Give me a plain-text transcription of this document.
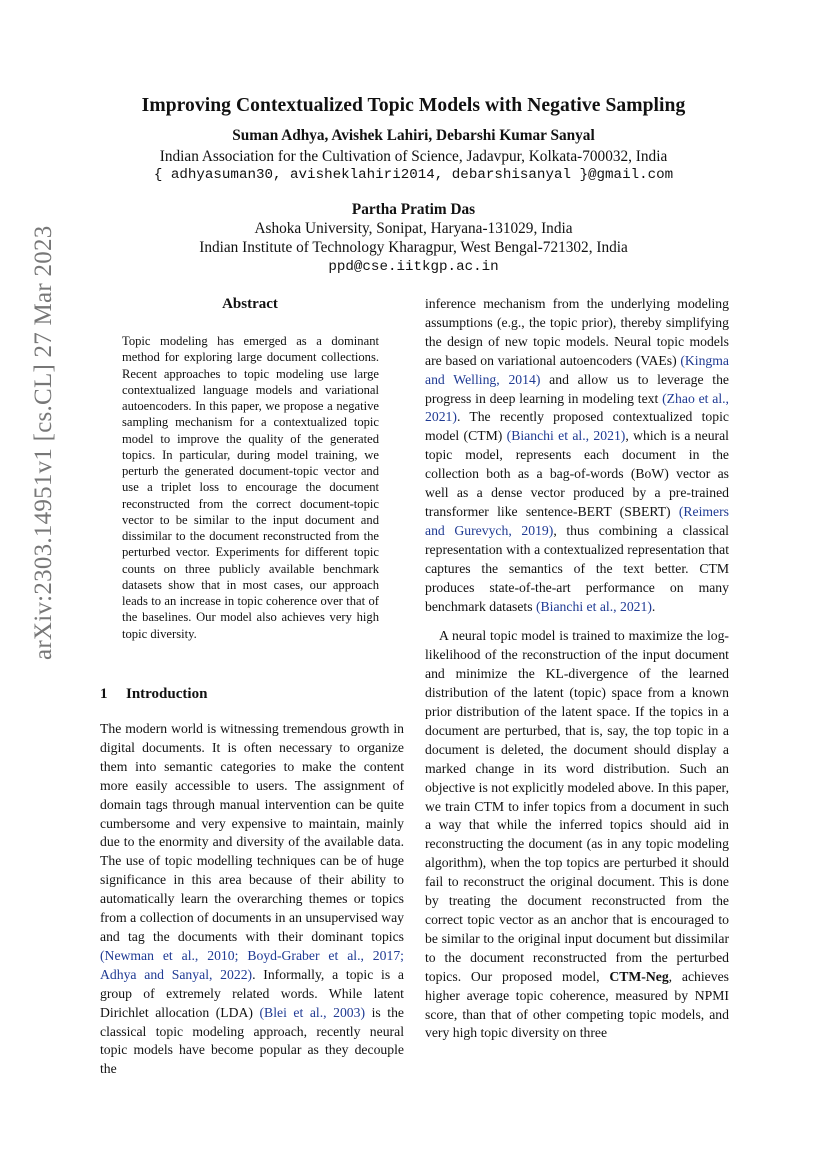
arXiv:2303.14951v1 [cs.CL] 27 Mar 2023
Improving Contextualized Topic Models with Negative Sampling
Suman Adhya, Avishek Lahiri, Debarshi Kumar Sanyal
Indian Association for the Cultivation of Science, Jadavpur, Kolkata-700032, India
{ adhyasuman30, avisheklahiri2014, debarshisanyal }@gmail.com
Partha Pratim Das
Ashoka University, Sonipat, Haryana-131029, India
Indian Institute of Technology Kharagpur, West Bengal-721302, India
ppd@cse.iitkgp.ac.in
Abstract
Topic modeling has emerged as a dominant method for exploring large document collections. Recent approaches to topic modeling use large contextualized language models and variational autoencoders. In this paper, we propose a negative sampling mechanism for a contextualized topic model to improve the quality of the generated topics. In particular, during model training, we perturb the generated document-topic vector and use a triplet loss to encourage the document reconstructed from the correct document-topic vector to be similar to the input document and dissimilar to the document reconstructed from the perturbed vector. Experiments for different topic counts on three publicly available benchmark datasets show that in most cases, our approach leads to an increase in topic coherence over that of the baselines. Our model also achieves very high topic diversity.
1 Introduction

The modern world is witnessing tremendous growth in digital documents. It is often necessary to organize them into semantic categories to make the content more easily accessible to users. The assignment of domain tags through manual intervention can be quite cumbersome and very expensive to maintain, mainly due to the enormity and diversity of the available data. The use of topic modelling techniques can be of huge significance in this area because of their ability to automatically learn the overarching themes or topics from a collection of documents in an unsupervised way and tag the documents with their dominant topics (Newman et al., 2010; Boyd-Graber et al., 2017; Adhya and Sanyal, 2022). Informally, a topic is a group of extremely related words. While latent Dirichlet allocation (LDA) (Blei et al., 2003) is the classical topic modeling approach, recently neural topic models have become popular as they decouple the

inference mechanism from the underlying modeling assumptions (e.g., the topic prior), thereby simplifying the design of new topic models. Neural topic models are based on variational autoencoders (VAEs) (Kingma and Welling, 2014) and allow us to leverage the progress in deep learning in modeling text (Zhao et al., 2021). The recently proposed contextualized topic model (CTM) (Bianchi et al., 2021), which is a neural topic model, represents each document in the collection both as a bag-of-words (BoW) vector as well as a dense vector produced by a pre-trained transformer like sentence-BERT (SBERT) (Reimers and Gurevych, 2019), thus combining a classical representation with a contextualized representation that captures the semantics of the text better. CTM produces state-of-the-art performance on many benchmark datasets (Bianchi et al., 2021).

A neural topic model is trained to maximize the log-likelihood of the reconstruction of the input document and minimize the KL-divergence of the learned distribution of the latent (topic) space from a known prior distribution of the latent space. If the topics in a document are perturbed, that is, say, the top topic in a document is deleted, the document should display a marked change in its word distribution. Such an objective is not explicitly modeled above. In this paper, we train CTM to infer topics from a document in such a way that while the inferred topics should aid in reconstructing the document (as in any topic modeling algorithm), when the top topics are perturbed it should fail to reconstruct the original document. This is done by treating the document reconstructed from the correct topic vector as an anchor that is encouraged to be similar to the original input document but dissimilar to the document reconstructed from the perturbed topics. Our proposed model, CTM-Neg, achieves higher average topic coherence, measured by NPMI score, than that of other competing topic models, and very high topic diversity on three
